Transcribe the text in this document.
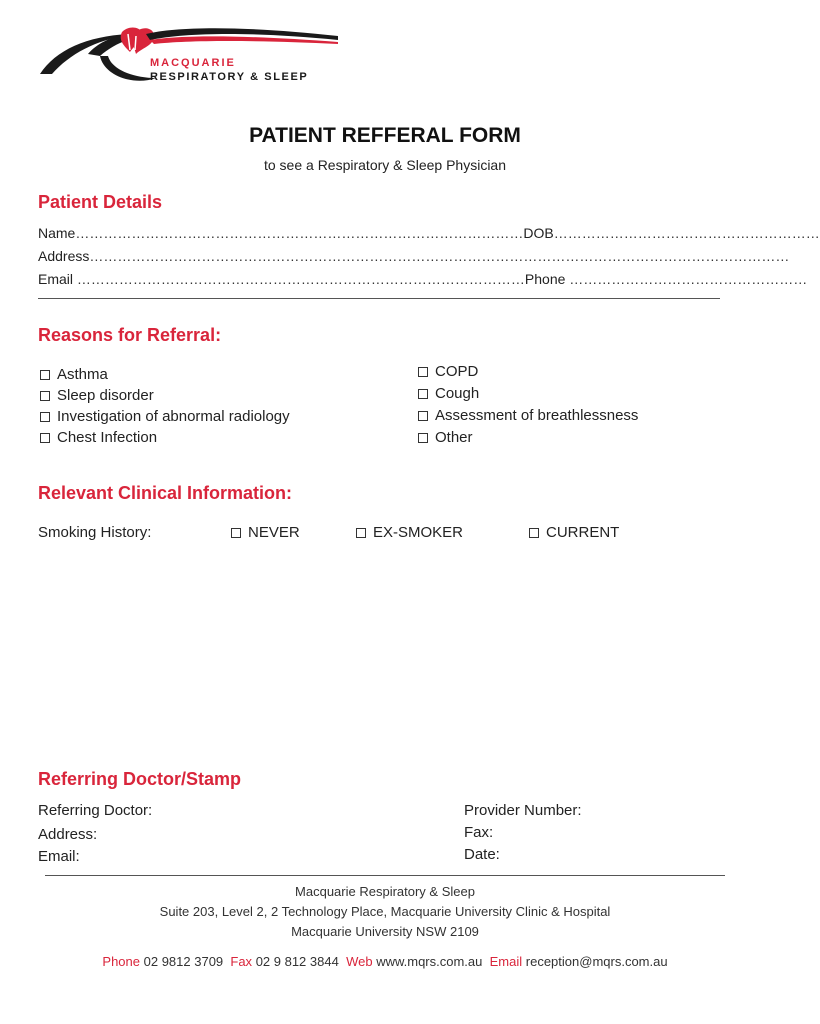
MACQUARIE
RESPIRATORY & SLEEP
PATIENT REFFERAL FORM
to see a Respiratory & Sleep Physician
Patient Details
Name……………………………………………………………………………………DOB…………………………………………………
Address……………………………………………………………………………………………………………………………………
Email ……………………………………………………………………………………Phone ……………………………………………
Reasons for Referral:
Asthma
Sleep disorder
Investigation of abnormal radiology
Chest Infection
COPD
Cough
Assessment of breathlessness
Other
Relevant Clinical Information:
Smoking History:	NEVER	EX-SMOKER	CURRENT
Referring Doctor/Stamp
Referring Doctor:
Address:
Email:
Provider Number:
Fax:
Date:
Macquarie Respiratory & Sleep
Suite 203, Level 2, 2 Technology Place, Macquarie University Clinic & Hospital
Macquarie University NSW 2109
Phone 02 9812 3709 Fax 02 9 812 3844 Web www.mqrs.com.au Email reception@mqrs.com.au
